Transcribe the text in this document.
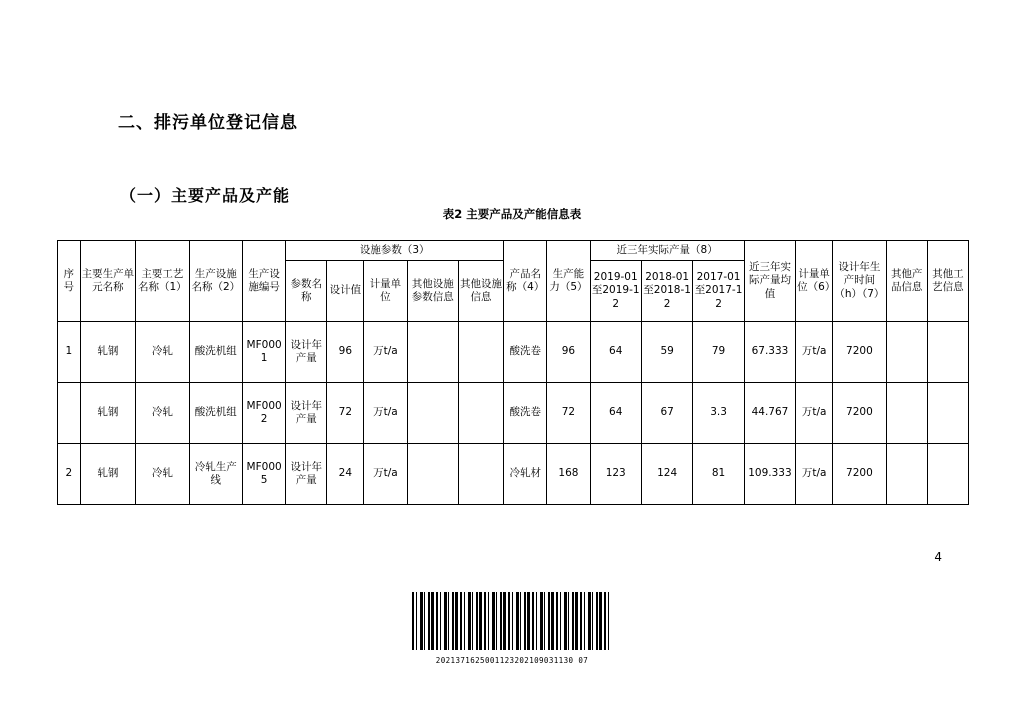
二、排污单位登记信息
（一）主要产品及产能
表2 主要产品及产能信息表
序号	主要生产单元名称	主要工艺名称（1）	生产设施名称（2）	生产设施编号	设施参数（3）					产品名称（4）	生产能力（5）	近三年实际产量（8）			近三年实际产量均值	计量单位（6）	设计年生产时间（h）（7）	其他产品信息	其他工艺信息
					参数名称	设计值	计量单位	其他设施参数信息	其他设施信息			2019-01至2019-12	2018-01至2018-12	2017-01至2017-12					
1	轧钢	冷轧	酸洗机组	MF0001	设计年产量	96	万t/a			酸洗卷	96	64	59	79	67.333	万t/a	7200		
	轧钢	冷轧	酸洗机组	MF0002	设计年产量	72	万t/a			酸洗卷	72	64	67	3.3	44.767	万t/a	7200		
2	轧钢	冷轧	冷轧生产线	MF0005	设计年产量	24	万t/a			冷轧材	168	123	124	81	109.333	万t/a	7200		
4
2021371625001123202109031130 07
